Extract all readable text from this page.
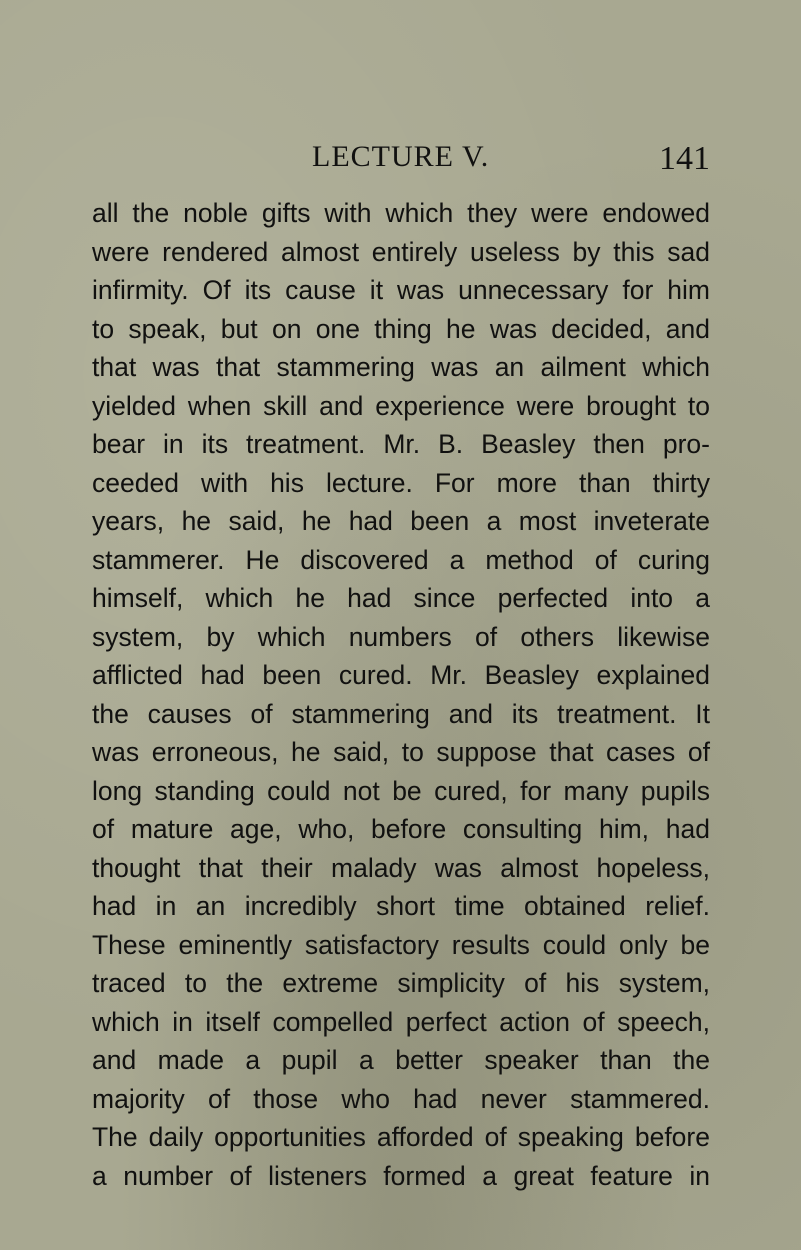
LECTURE V.	141
all the noble gifts with which they were endowed
were rendered almost entirely useless by this sad
infirmity. Of its cause it was unnecessary for him
to speak, but on one thing he was decided, and
that was that stammering was an ailment which
yielded when skill and experience were brought to
bear in its treatment. Mr. B. Beasley then pro-
ceeded with his lecture. For more than thirty
years, he said, he had been a most inveterate
stammerer. He discovered a method of curing
himself, which he had since perfected into a
system, by which numbers of others likewise
afflicted had been cured. Mr. Beasley explained
the causes of stammering and its treatment. It
was erroneous, he said, to suppose that cases of
long standing could not be cured, for many pupils
of mature age, who, before consulting him, had
thought that their malady was almost hopeless,
had in an incredibly short time obtained relief.
These eminently satisfactory results could only be
traced to the extreme simplicity of his system,
which in itself compelled perfect action of speech,
and made a pupil a better speaker than the
majority of those who had never stammered.
The daily opportunities afforded of speaking before
a number of listeners formed a great feature in
